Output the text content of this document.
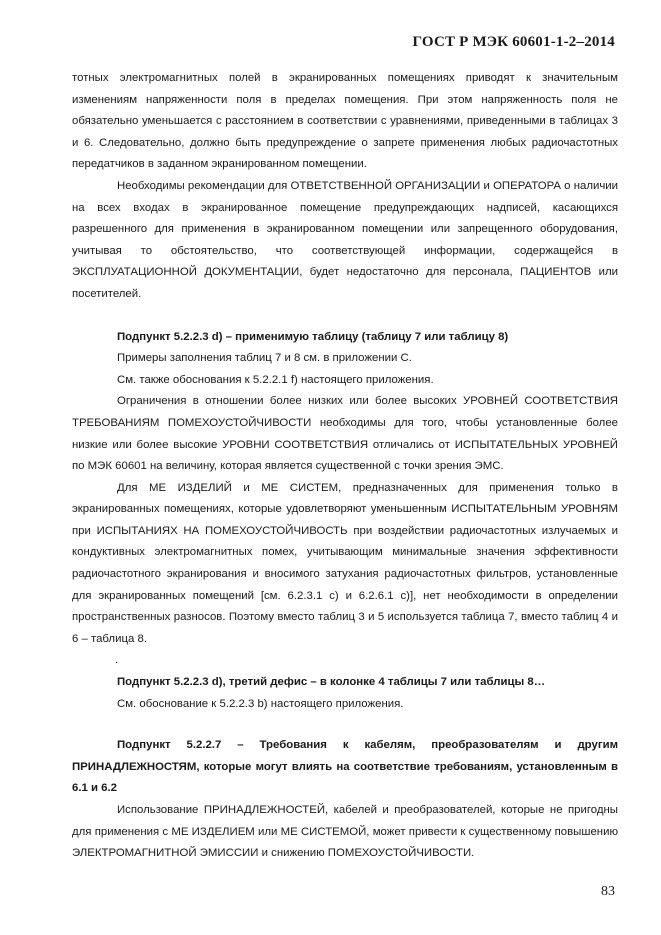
ГОСТ Р МЭК 60601-1-2–2014

тотных электромагнитных полей в экранированных помещениях приводят к значительным изменениям напряженности поля в пределах помещения. При этом напряженность поля не обязательно уменьшается с расстоянием в соответствии с уравнениями, приведенными в таблицах 3 и 6. Следовательно, должно быть предупреждение о запрете применения любых радиочастотных передатчиков в заданном экранированном помещении.

Необходимы рекомендации для ОТВЕТСТВЕННОЙ ОРГАНИЗАЦИИ и ОПЕРАТОРА о наличии на всех входах в экранированное помещение предупреждающих надписей, касающихся разрешенного для применения в экранированном помещении или запрещенного оборудования, учитывая то обстоятельство, что соответствующей информации, содержащейся в ЭКСПЛУАТАЦИОННОЙ ДОКУМЕНТАЦИИ, будет недостаточно для персонала, ПАЦИЕНТОВ или посетителей.

Подпункт 5.2.2.3 d) – применимую таблицу (таблицу 7 или таблицу 8)

Примеры заполнения таблиц 7 и 8 см. в приложении С.

См. также обоснования к 5.2.2.1 f) настоящего приложения.

Ограничения в отношении более низких или более высоких УРОВНЕЙ СООТВЕТСТВИЯ ТРЕБОВАНИЯМ ПОМЕХОУСТОЙЧИВОСТИ необходимы для того, чтобы установленные более низкие или более высокие УРОВНИ СООТВЕТСТВИЯ отличались от ИСПЫТАТЕЛЬНЫХ УРОВНЕЙ по МЭК 60601 на величину, которая является существенной с точки зрения ЭМС.

Для МЕ ИЗДЕЛИЙ и МЕ СИСТЕМ, предназначенных для применения только в экранированных помещениях, которые удовлетворяют уменьшенным ИСПЫТАТЕЛЬНЫМ УРОВНЯМ при ИСПЫТАНИЯХ НА ПОМЕХОУСТОЙЧИВОСТЬ при воздействии радиочастотных излучаемых и кондуктивных электромагнитных помех, учитывающим минимальные значения эффективности радиочастотного экранирования и вносимого затухания радиочастотных фильтров, установленные для экранированных помещений [см. 6.2.3.1 с) и 6.2.6.1 с)], нет необходимости в определении пространственных разносов. Поэтому вместо таблиц 3 и 5 используется таблица 7, вместо таблиц 4 и 6 – таблица 8.

.

Подпункт 5.2.2.3 d), третий дефис – в колонке 4 таблицы 7 или таблицы 8…

См. обоснование к 5.2.2.3 b) настоящего приложения.

Подпункт 5.2.2.7 – Требования к кабелям, преобразователям и другим ПРИНАДЛЕЖНОСТЯМ, которые могут влиять на соответствие требованиям, установленным в 6.1 и 6.2

Использование ПРИНАДЛЕЖНОСТЕЙ, кабелей и преобразователей, которые не пригодны для применения с МЕ ИЗДЕЛИЕМ или МЕ СИСТЕМОЙ, может привести к существенному повышению ЭЛЕКТРОМАГНИТНОЙ ЭМИССИИ и снижению ПОМЕХОУСТОЙЧИВОСТИ.

83
